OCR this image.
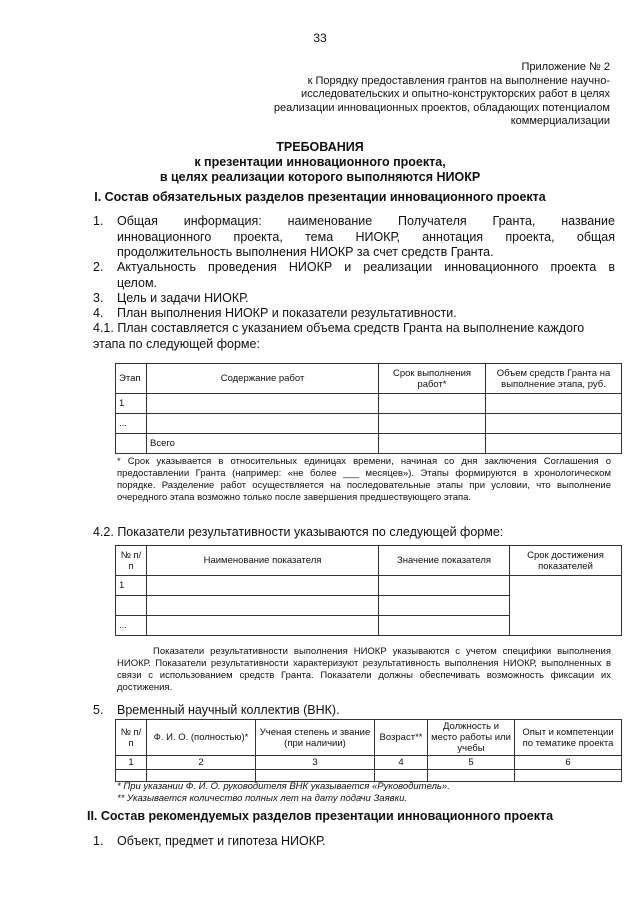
33
Приложение № 2
к Порядку предоставления грантов на выполнение научно-
исследовательских и опытно-конструкторских работ в целях
реализации инновационных проектов, обладающих потенциалом
коммерциализации
ТРЕБОВАНИЯ
к презентации инновационного проекта,
в целях реализации которого выполняются НИОКР
I. Состав обязательных разделов презентации инновационного проекта
1. Общая информация: наименование Получателя Гранта, название
инновационного проекта, тема НИОКР, аннотация проекта, общая
продолжительность выполнения НИОКР за счет средств Гранта.
2. Актуальность проведения НИОКР и реализации инновационного проекта в
целом.
3. Цель и задачи НИОКР.
4. План выполнения НИОКР и показатели результативности.
4.1. План составляется с указанием объема средств Гранта на выполнение каждого
этапа по следующей форме:
Этап	Содержание работ	Срок выполнения работ*	Объем средств Гранта на выполнение этапа, руб.
1			
...			
	Всего		
* Срок указывается в относительных единицах времени, начиная со дня заключения Соглашения о предоставлении Гранта (например: «не более ___ месяцев»). Этапы формируются в хронологическом порядке. Разделение работ осуществляется на последовательные этапы при условии, что выполнение очередного этапа возможно только после завершения предшествующего этапа.
4.2. Показатели результативности указываются по следующей форме:
№ п/п	Наименование показателя	Значение показателя	Срок достижения показателей
1			

...			
Показатели результативности выполнения НИОКР указываются с учетом специфики выполнения НИОКР. Показатели результативности характеризуют результативность выполнения НИОКР, выполненных в связи с использованием средств Гранта. Показатели должны обеспечивать возможность фиксации их достижения.
5. Временный научный коллектив (ВНК).
№ п/п	Ф. И. О. (полностью)*	Ученая степень и звание (при наличии)	Возраст**	Должность и место работы или учебы	Опыт и компетенции по тематике проекта
1	2	3	4	5	6

* При указании Ф. И. О. руководителя ВНК указывается «Руководитель».
** Указывается количество полных лет на дату подачи Заявки.
II. Состав рекомендуемых разделов презентации инновационного проекта
1. Объект, предмет и гипотеза НИОКР.
